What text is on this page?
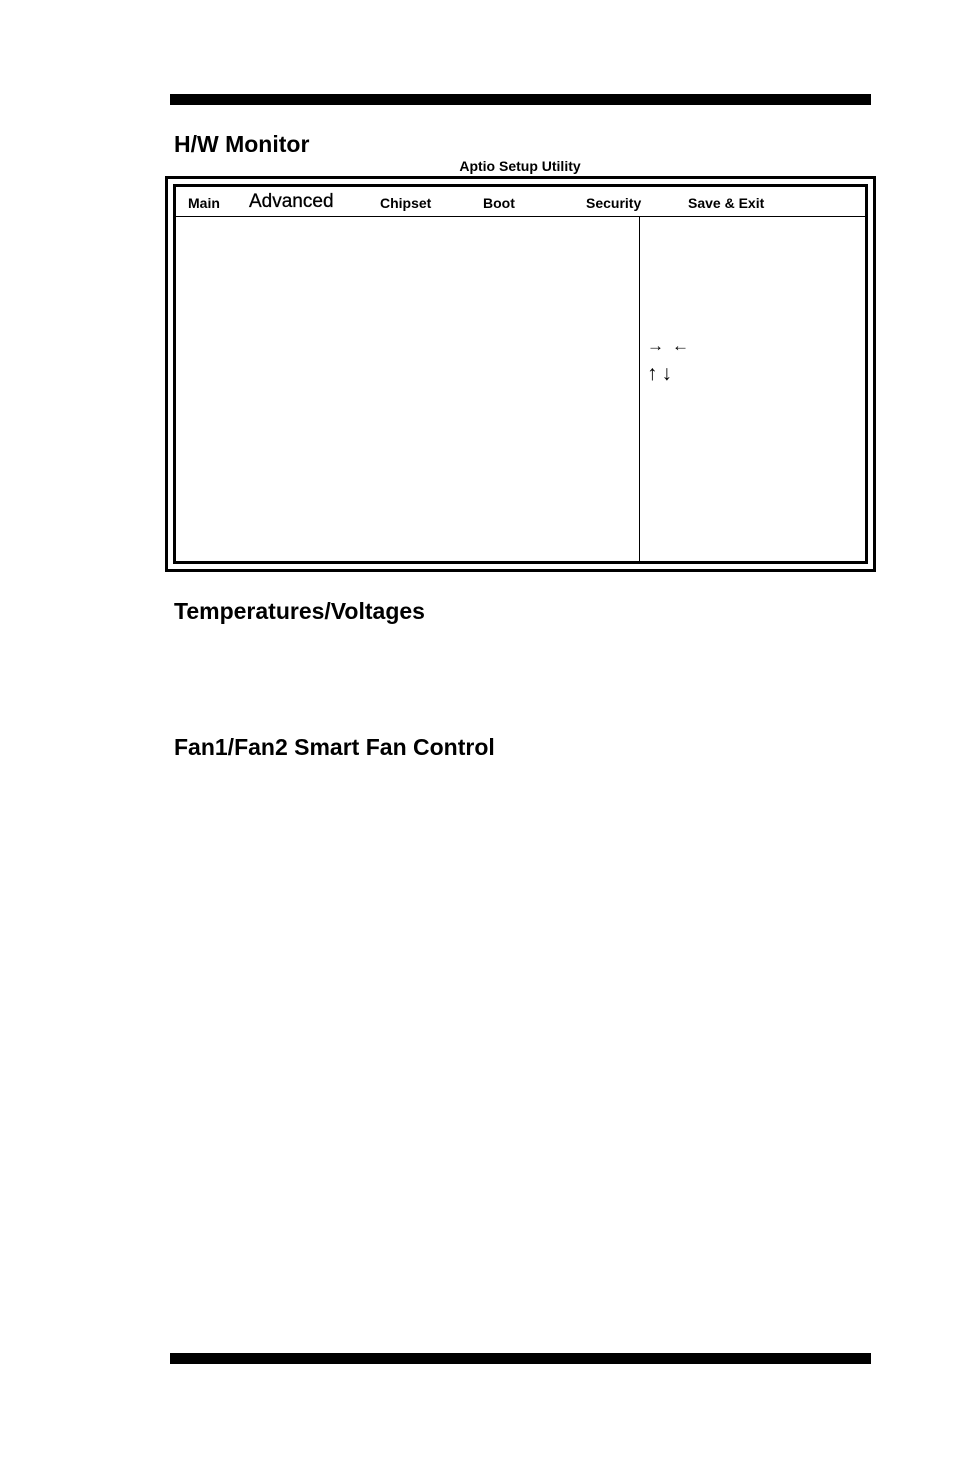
H/W Monitor
Aptio Setup Utility
Main Advanced	Chipset	Boot	Security	Save & Exit
→ ←
↑ ↓
Temperatures/Voltages
Fan1/Fan2 Smart Fan Control
